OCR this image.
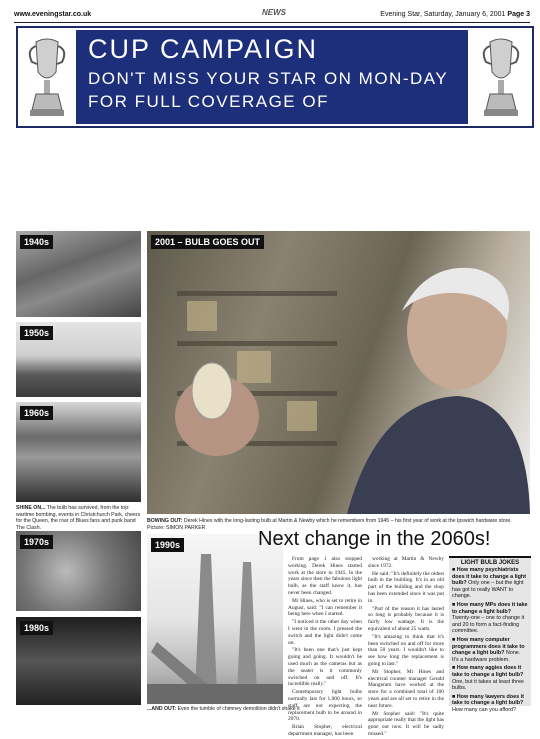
www.eveningstar.co.uk	NEWS	Evening Star, Saturday, January 6, 2001 Page 3
CUP CAMPAIGN
DON'T MISS YOUR STAR ON MON-DAY FOR FULL COVERAGE OF
1940s
1950s
1960s
SHINE ON... The bulb has survived, from the top: wartime bombing, events in Christchurch Park, cheers for the Queen, the roar of Blues fans and punk band The Clash.
1970s
1980s
2001 – BULB GOES OUT
BOWING OUT: Derek Hines with the long-lasting bulb at Martin & Newby which he remembers from 1945 – his first year of work at the Ipswich hardware store. Picture: SIMON PARKER
1990s
...AND OUT: Even the tumble of chimney demolition didn't shake it
Next change in the 2060s!

From page 1 also stopped working. Derek Hines started work at the store in 1945. In the years since then the fabulous light bulb, as the staff know it, has never been changed.

Mr Hines, who is set to retire in August, said: "I can remember it being here when I started.

"I noticed it the other day when I went in the room. I pressed the switch and the light didn't come on.

"It's been one that's just kept going and going. It wouldn't be used much as the cameras but as the seater is it commonly switched on and off. It's incredible really."

Contemporary light bulbs normally last for 1,000 hours, so staff are not expecting the replacement bulb to be around in 2070.

Brian Stopher, electrical department manager, has been

working at Martin & Newby since 1972.

He said: "It's definitely the oldest bulb in the building. It's in an old part of the building and the shop has been extended since it was put in.

"Part of the reason it has lasted so long is probably because it is fairly low wattage. It is the equivalent of about 25 watts.

"It's amazing to think that it's been switched on and off for more than 50 years. I wouldn't like to see how long the replacement is going to last."

Mr Stopher, Mr Hines and electrical counter manager Gerald Mangeram have worked at the store for a combined total of 100 years and are all set to retire in the near future.

Mr Stopher said: "It's quite appropriate really that the light has gone out now. It will be sadly missed."

LIGHT BULB JOKES
■ How many psychiatrists does it take to change a light bulb? Only one – but the light has got to really WANT to change.
■ How many MPs does it take to change a light bulb? Twenty-one – one to change it and 20 to form a fact-finding committee.
■ How many computer programmers does it take to change a light bulb? None. It's a hardware problem.
■ How many aggies does it take to change a light bulb? One, but it takes at least three bulbs.
■ How many lawyers does it take to change a light bulb? How many can you afford?
